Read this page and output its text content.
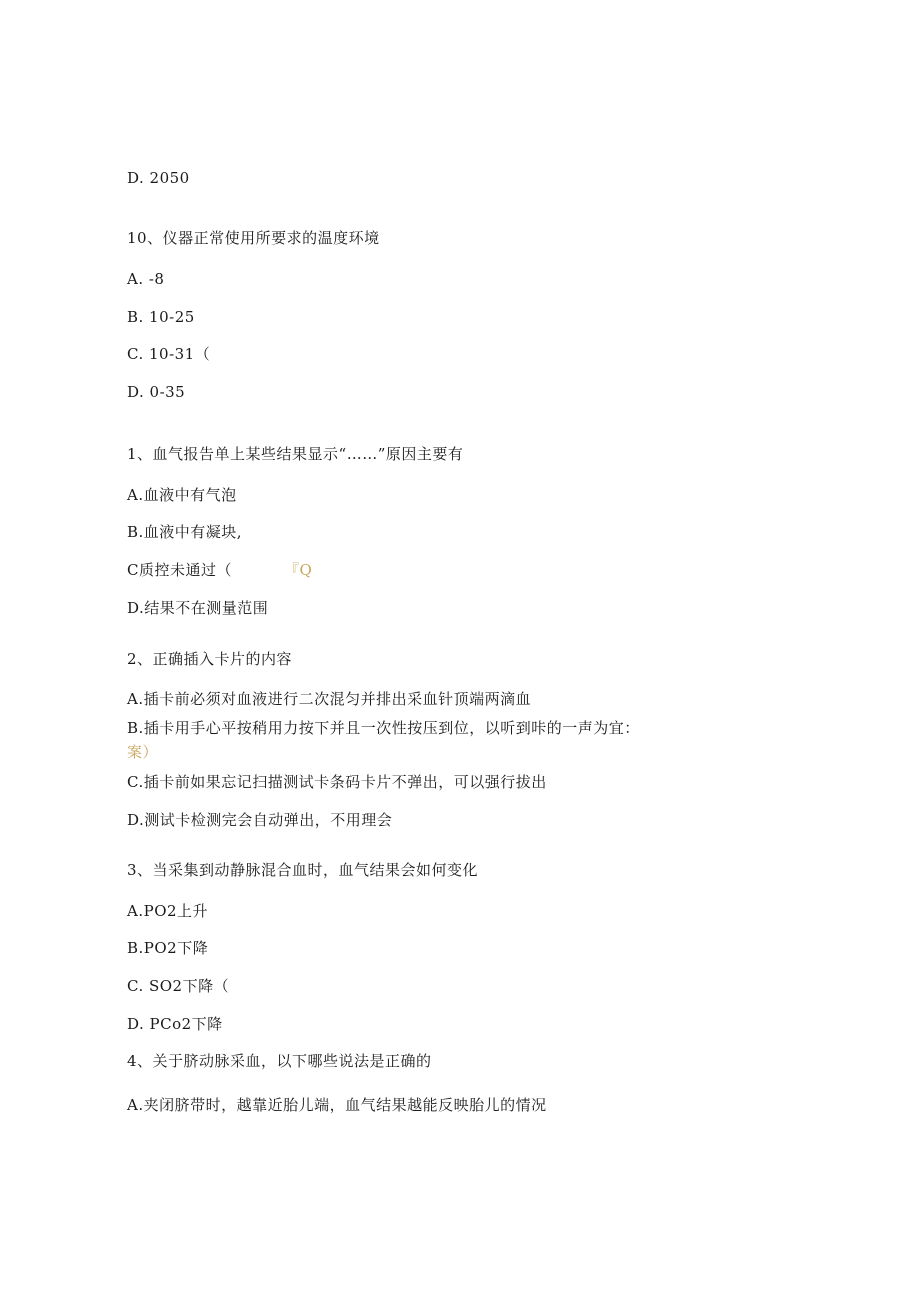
D. 2050
10、仪器正常使用所要求的温度环境
A. -8
B. 10-25
C. 10-31（
D. 0-35
1、血气报告单上某些结果显示“……”原因主要有
A.血液中有气泡
B.血液中有凝块,
C质控未通过（	『Q
D.结果不在测量范围
2、正确插入卡片的内容
A.插卡前必须对血液进行二次混匀并排出采血针顶端两滴血
B.插卡用手心平按稍用力按下并且一次性按压到位，以听到咔的一声为宜：
案）
C.插卡前如果忘记扫描测试卡条码卡片不弹出，可以强行拔出
D.测试卡检测完会自动弹出，不用理会
3、当采集到动静脉混合血时，血气结果会如何变化
A.PO2上升
B.PO2下降
C. SO2下降（
D. PCo2下降
4、关于脐动脉采血，以下哪些说法是正确的
A.夹闭脐带时，越靠近胎儿端，血气结果越能反映胎儿的情况
